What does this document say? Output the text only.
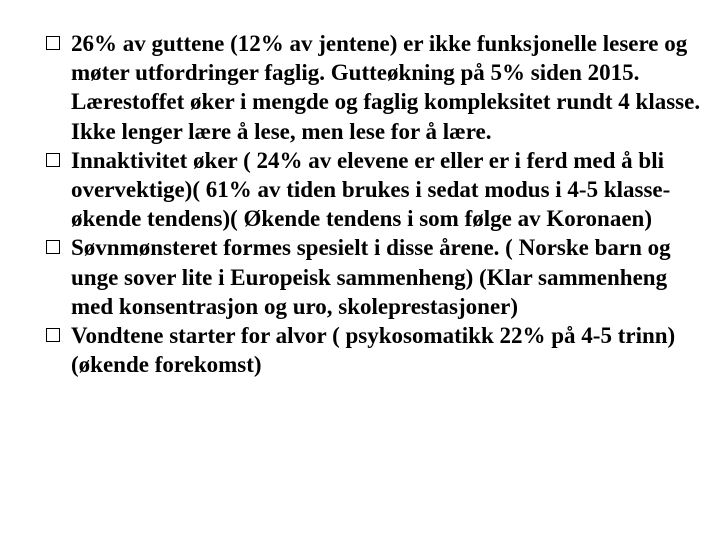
26% av guttene (12% av jentene) er ikke funksjonelle lesere og møter utfordringer faglig. Gutteøkning på 5% siden 2015. Lærestoffet øker i mengde og faglig kompleksitet rundt 4 klasse. Ikke lenger lære å lese, men lese for å lære.
Innaktivitet øker ( 24% av elevene er eller er i ferd med å bli overvektige)( 61% av tiden brukes i sedat modus i 4-5 klasse-økende tendens)( Økende tendens i som følge av Koronaen)
Søvnmønsteret formes spesielt i disse årene. ( Norske barn og unge sover lite i Europeisk sammenheng) (Klar sammenheng med konsentrasjon og uro, skoleprestasjoner)
Vondtene starter for alvor ( psykosomatikk 22% på 4-5 trinn) (økende forekomst)
